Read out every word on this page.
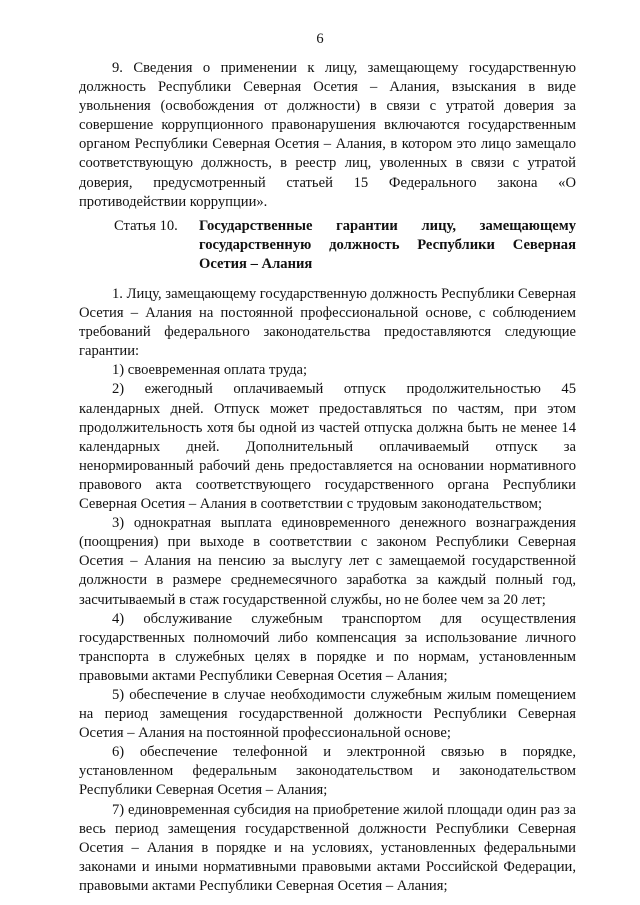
6

9. Сведения о применении к лицу, замещающему государственную должность Республики Северная Осетия – Алания, взыскания в виде увольнения (освобождения от должности) в связи с утратой доверия за совершение коррупционного правонарушения включаются государственным органом Республики Северная Осетия – Алания, в котором это лицо замещало соответствующую должность, в реестр лиц, уволенных в связи с утратой доверия, предусмотренный статьей 15 Федерального закона «О противодействии коррупции».

Статья 10.	Государственные гарантии лицу, замещающему государственную должность Республики Северная Осетия – Алания

1. Лицу, замещающему государственную должность Республики Северная Осетия – Алания на постоянной профессиональной основе, с соблюдением требований федерального законодательства предоставляются следующие гарантии:

1) своевременная оплата труда;

2) ежегодный оплачиваемый отпуск продолжительностью 45 календарных дней. Отпуск может предоставляться по частям, при этом продолжительность хотя бы одной из частей отпуска должна быть не менее 14 календарных дней. Дополнительный оплачиваемый отпуск за ненормированный рабочий день предоставляется на основании нормативного правового акта соответствующего государственного органа Республики Северная Осетия – Алания в соответствии с трудовым законодательством;

3) однократная выплата единовременного денежного вознаграждения (поощрения) при выходе в соответствии с законом Республики Северная Осетия – Алания на пенсию за выслугу лет с замещаемой государственной должности в размере среднемесячного заработка за каждый полный год, засчитываемый в стаж государственной службы, но не более чем за 20 лет;

4) обслуживание служебным транспортом для осуществления государственных полномочий либо компенсация за использование личного транспорта в служебных целях в порядке и по нормам, установленным правовыми актами Республики Северная Осетия – Алания;

5) обеспечение в случае необходимости служебным жилым помещением на период замещения государственной должности Республики Северная Осетия – Алания на постоянной профессиональной основе;

6) обеспечение телефонной и электронной связью в порядке, установленном федеральным законодательством и законодательством Республики Северная Осетия – Алания;

7) единовременная субсидия на приобретение жилой площади один раз за весь период замещения государственной должности Республики Северная Осетия – Алания в порядке и на условиях, установленных федеральными законами и иными нормативными правовыми актами Российской Федерации, правовыми актами Республики Северная Осетия – Алания;
